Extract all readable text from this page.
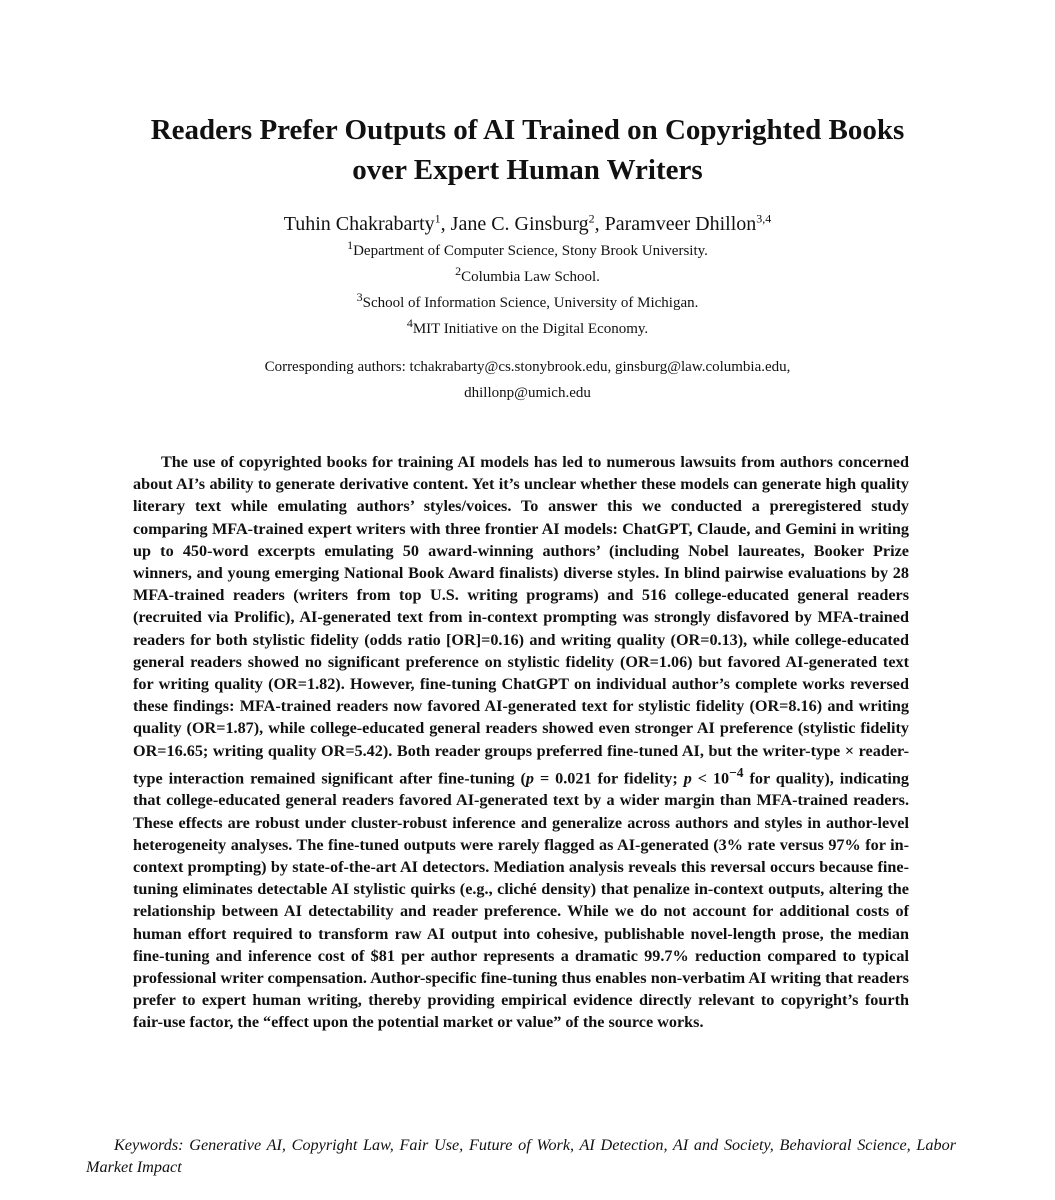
Readers Prefer Outputs of AI Trained on Copyrighted Books
over Expert Human Writers
Tuhin Chakrabarty$^1$, Jane C. Ginsburg$^2$, Paramveer Dhillon$^{3,4}$
$^1$Department of Computer Science, Stony Brook University.
$^2$Columbia Law School.
$^3$School of Information Science, University of Michigan.
$^4$MIT Initiative on the Digital Economy.
Corresponding authors: tchakrabarty@cs.stonybrook.edu, ginsburg@law.columbia.edu,
dhillonp@umich.edu

The use of copyrighted books for training AI models has led to numerous lawsuits from authors concerned about AI’s ability to generate derivative content. Yet it’s unclear whether these models can generate high quality literary text while emulating authors’ styles/voices. To answer this we conducted a preregistered study comparing MFA-trained expert writers with three frontier AI models: ChatGPT, Claude, and Gemini in writing up to 450-word excerpts emulating 50 award-winning authors’ (including Nobel laureates, Booker Prize winners, and young emerging National Book Award finalists) diverse styles. In blind pairwise evaluations by 28 MFA-trained readers (writers from top U.S. writing programs) and 516 college-educated general readers (recruited via Prolific), AI-generated text from in-context prompting was strongly disfavored by MFA-trained readers for both stylistic fidelity (odds ratio [OR]=0.16) and writing quality (OR=0.13), while college-educated general readers showed no significant preference on stylistic fidelity (OR=1.06) but favored AI-generated text for writing quality (OR=1.82). However, fine-tuning ChatGPT on individual author’s complete works reversed these findings: MFA-trained readers now favored AI-generated text for stylistic fidelity (OR=8.16) and writing quality (OR=1.87), while college-educated general readers showed even stronger AI preference (stylistic fidelity OR=16.65; writing quality OR=5.42). Both reader groups preferred fine-tuned AI, but the writer-type × reader-type interaction remained significant after fine-tuning (p = 0.021 for fidelity; $p < 10^{-4}$ for quality), indicating that college-educated general readers favored AI-generated text by a wider margin than MFA-trained readers. These effects are robust under cluster-robust inference and generalize across authors and styles in author-level heterogeneity analyses. The fine-tuned outputs were rarely flagged as AI-generated (3% rate versus 97% for in-context prompting) by state-of-the-art AI detectors. Mediation analysis reveals this reversal occurs because fine-tuning eliminates detectable AI stylistic quirks (e.g., cliché density) that penalize in-context outputs, altering the relationship between AI detectability and reader preference. While we do not account for additional costs of human effort required to transform raw AI output into cohesive, publishable novel-length prose, the median fine-tuning and inference cost of $81 per author represents a dramatic 99.7% reduction compared to typical professional writer compensation. Author-specific fine-tuning thus enables non-verbatim AI writing that readers prefer to expert human writing, thereby providing empirical evidence directly relevant to copyright’s fourth fair-use factor, the “effect upon the potential market or value” of the source works.

Keywords: Generative AI, Copyright Law, Fair Use, Future of Work, AI Detection, AI and Society, Behavioral Science, Labor Market Impact
